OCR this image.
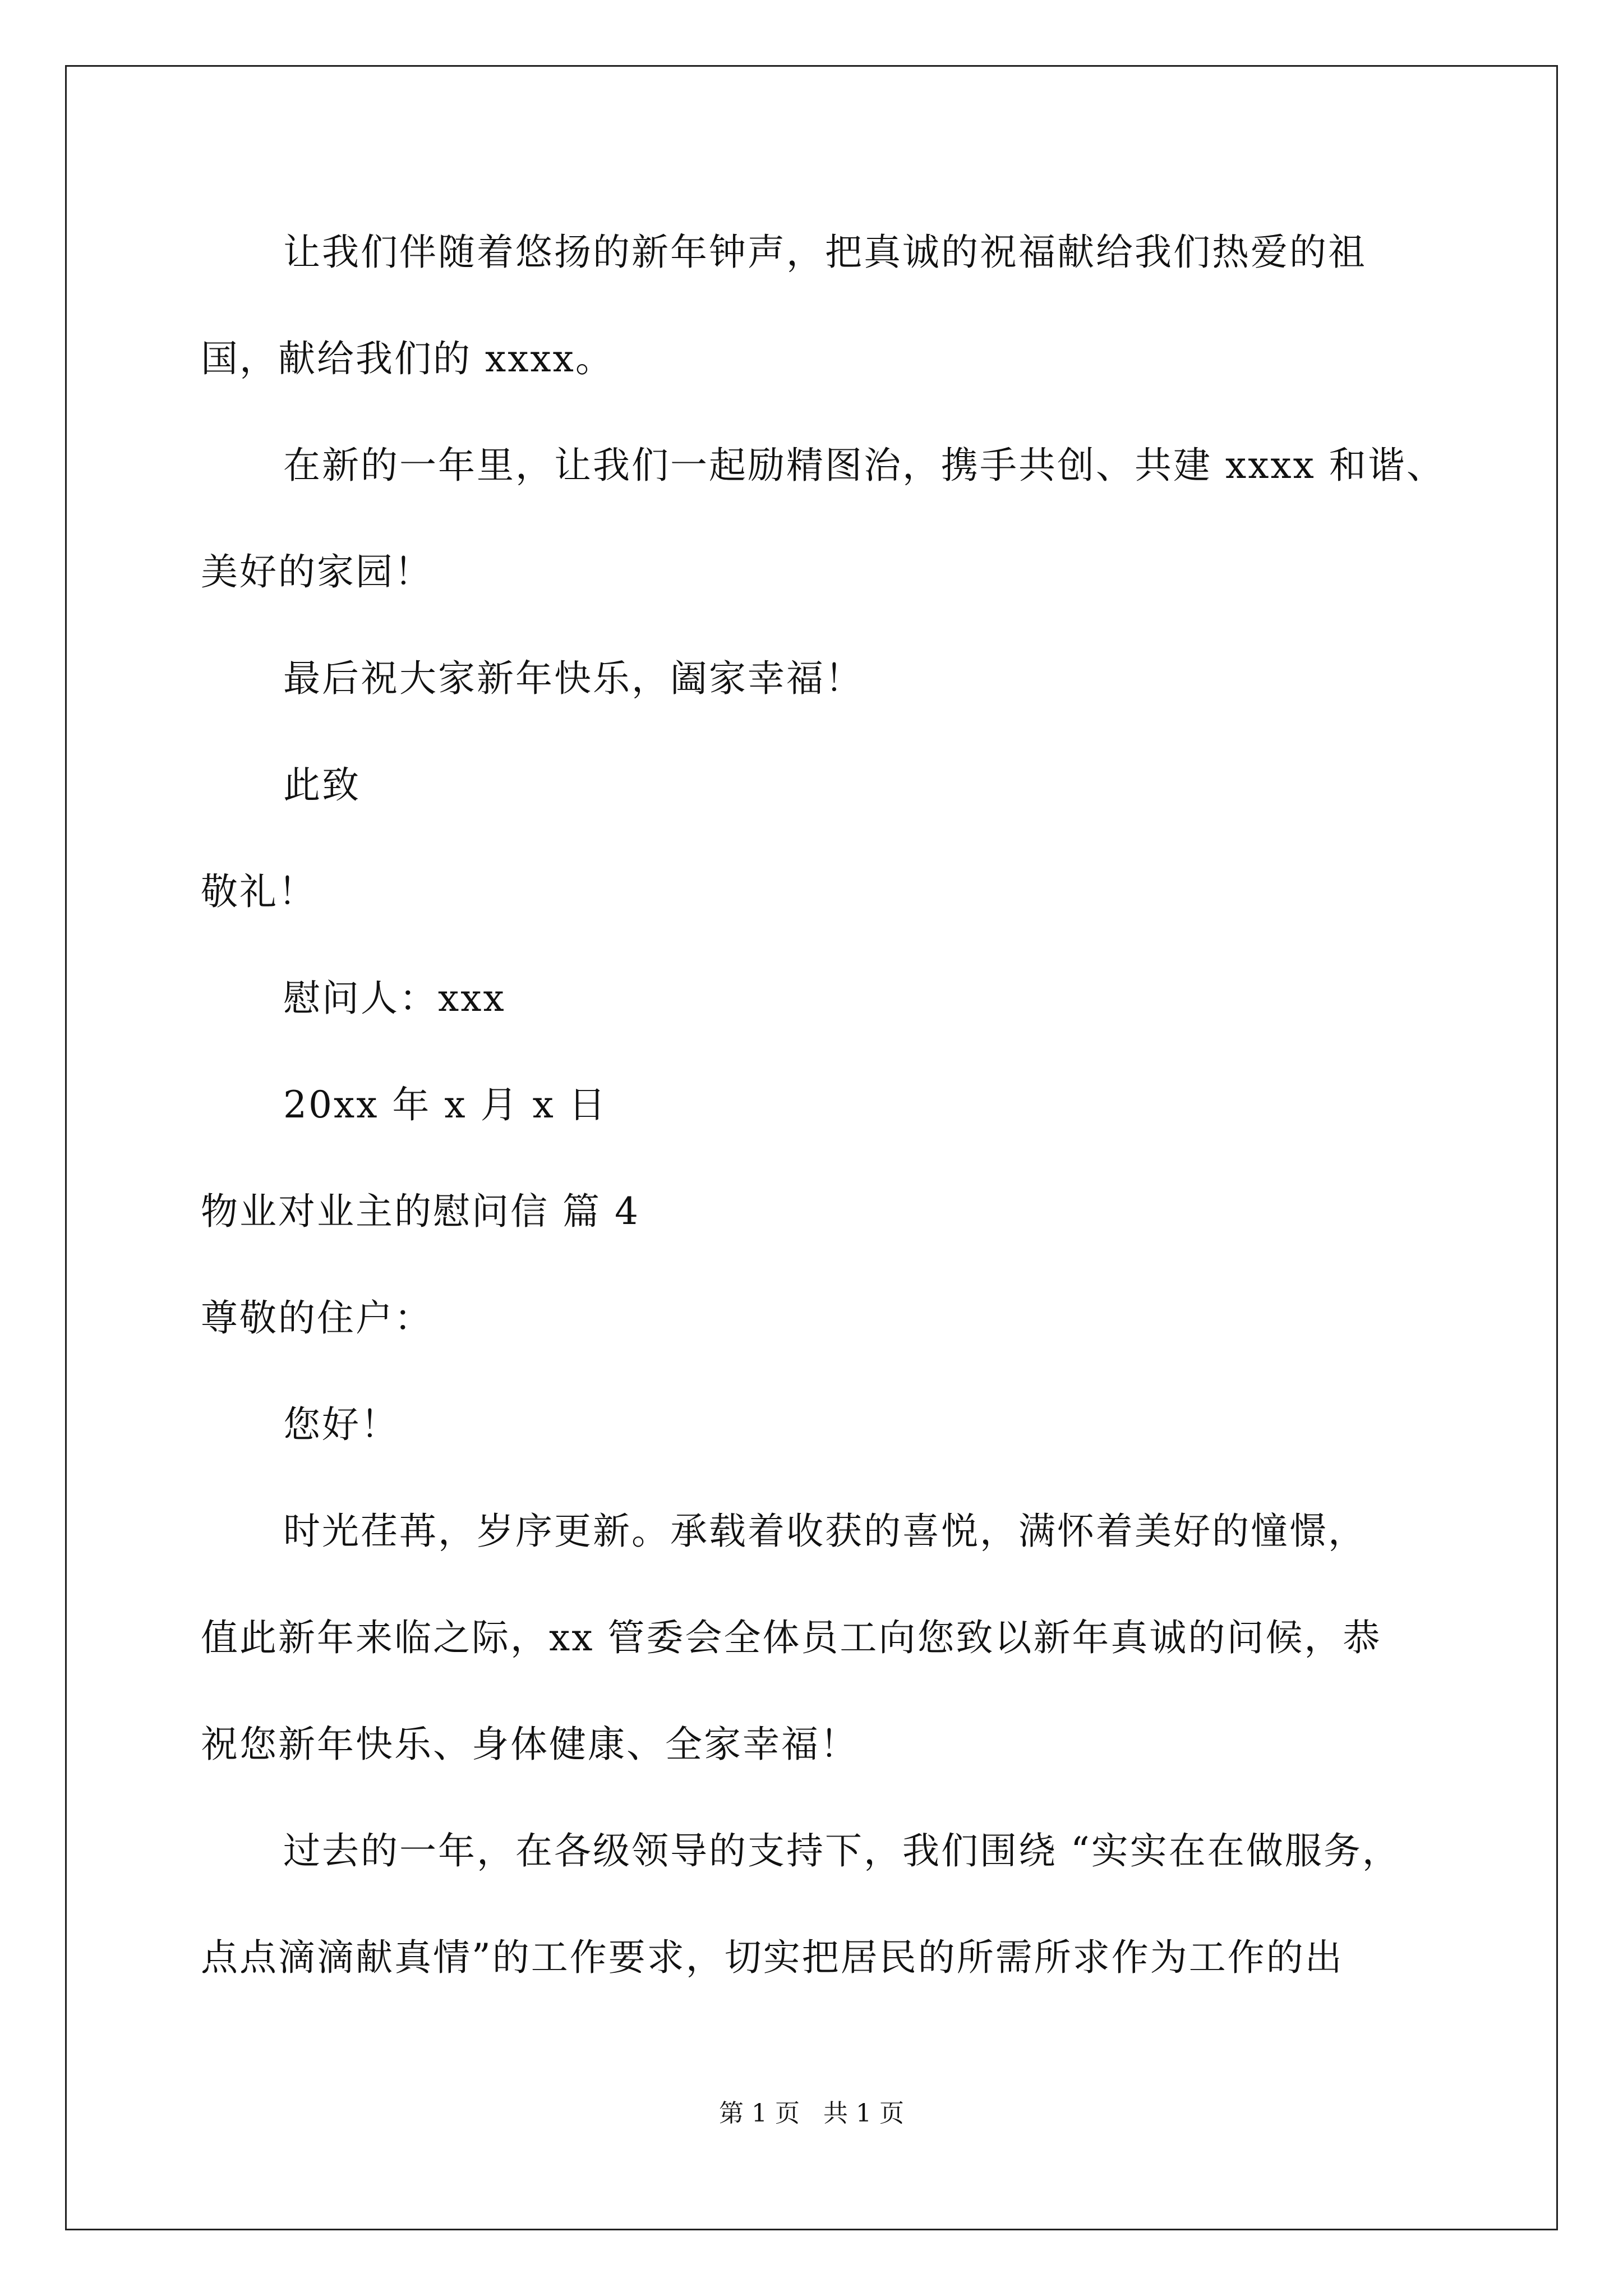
让我们伴随着悠扬的新年钟声，把真诚的祝福献给我们热爱的祖
国，献给我们的 xxxx。
在新的一年里，让我们一起励精图治，携手共创、共建 xxxx 和谐、
美好的家园！
最后祝大家新年快乐，阖家幸福！
此致
敬礼！
慰问人：xxx
20xx 年 x 月 x 日
物业对业主的慰问信 篇 4
尊敬的住户：
您好！
时光荏苒，岁序更新。承载着收获的喜悦，满怀着美好的憧憬，
值此新年来临之际，xx 管委会全体员工向您致以新年真诚的问候，恭
祝您新年快乐、身体健康、全家幸福！
过去的一年，在各级领导的支持下，我们围绕 “实实在在做服务，
点点滴滴献真情”的工作要求，切实把居民的所需所求作为工作的出
第 1 页   共 1 页
